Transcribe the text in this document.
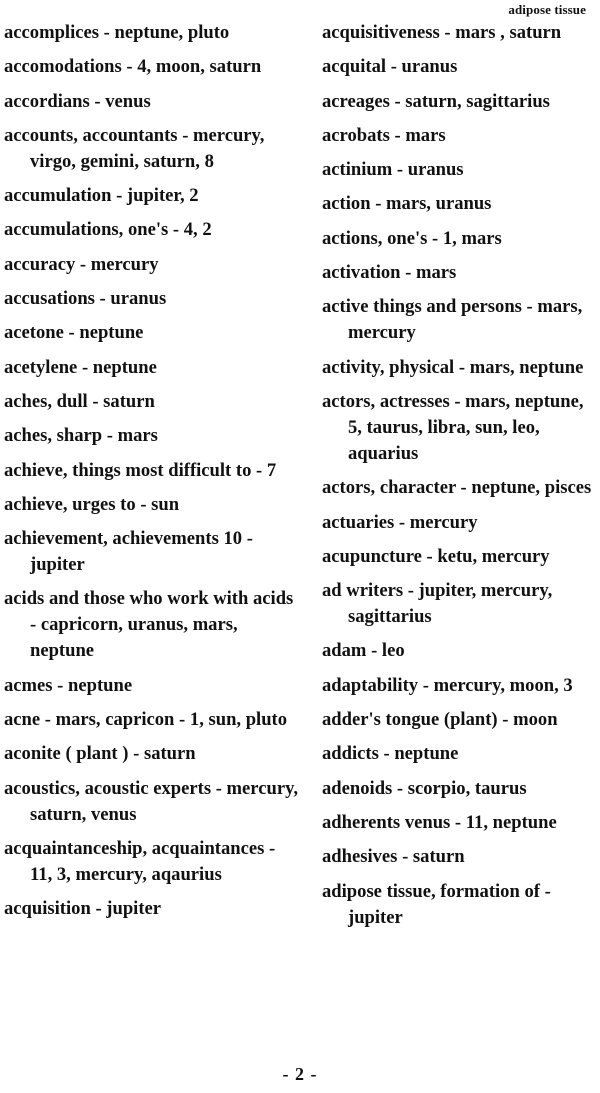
adipose tissue
accomplices - neptune, pluto
accomodations - 4, moon, saturn
accordians - venus
accounts, accountants - mercury, virgo, gemini, saturn, 8
accumulation - jupiter, 2
accumulations, one's - 4, 2
accuracy - mercury
accusations - uranus
acetone - neptune
acetylene - neptune
aches, dull - saturn
aches, sharp - mars
achieve, things most difficult to - 7
achieve, urges to - sun
achievement, achievements 10 - jupiter
acids and those who work with acids - capricorn, uranus, mars, neptune
acmes - neptune
acne - mars, capricon - 1, sun, pluto
aconite ( plant ) - saturn
acoustics, acoustic experts - mercury, saturn, venus
acquaintanceship, acquaintances - 11, 3, mercury, aqaurius
acquisition - jupiter
acquisitiveness - mars , saturn
acquital - uranus
acreages - saturn, sagittarius
acrobats - mars
actinium - uranus
action - mars, uranus
actions, one's - 1, mars
activation - mars
active things and persons - mars, mercury
activity, physical - mars, neptune
actors, actresses - mars, neptune, 5, taurus, libra, sun, leo, aquarius
actors, character - neptune, pisces
actuaries - mercury
acupuncture - ketu, mercury
ad writers - jupiter, mercury, sagittarius
adam - leo
adaptability - mercury, moon, 3
adder's tongue (plant) - moon
addicts - neptune
adenoids - scorpio, taurus
adherents venus - 11, neptune
adhesives - saturn
adipose tissue, formation of - jupiter
- 2 -
